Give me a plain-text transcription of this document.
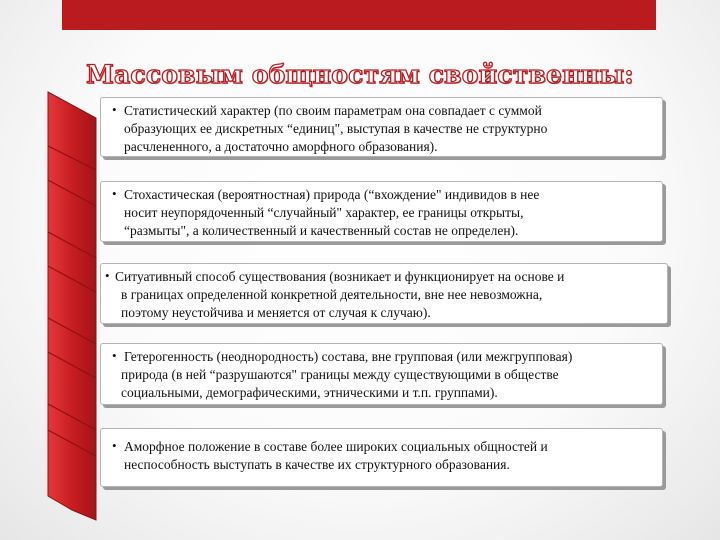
Массовым общностям свойственны:
• Статистический характер (по своим параметрам она совпадает с суммой
образующих ее дискретных “единиц", выступая в качестве не структурно
расчлененного, а достаточно аморфного образования).
• Стохастическая (вероятностная) природа (“вхождение" индивидов в нее
носит неупорядоченный “случайный" характер, ее границы открыты,
“размыты", а количественный и качественный состав не определен).
• Ситуативный способ существования (возникает и функционирует на основе и
в границах определенной конкретной деятельности, вне нее невозможна,
поэтому неустойчива и меняется от случая к случаю).
• Гетерогенность (неоднородность) состава, вне групповая (или межгрупповая)
природа (в ней “разрушаются" границы между существующими в обществе
социальными, демографическими, этническими и т.п. группами).
• Аморфное положение в составе более широких социальных общностей и
неспособность выступать в качестве их структурного образования.
